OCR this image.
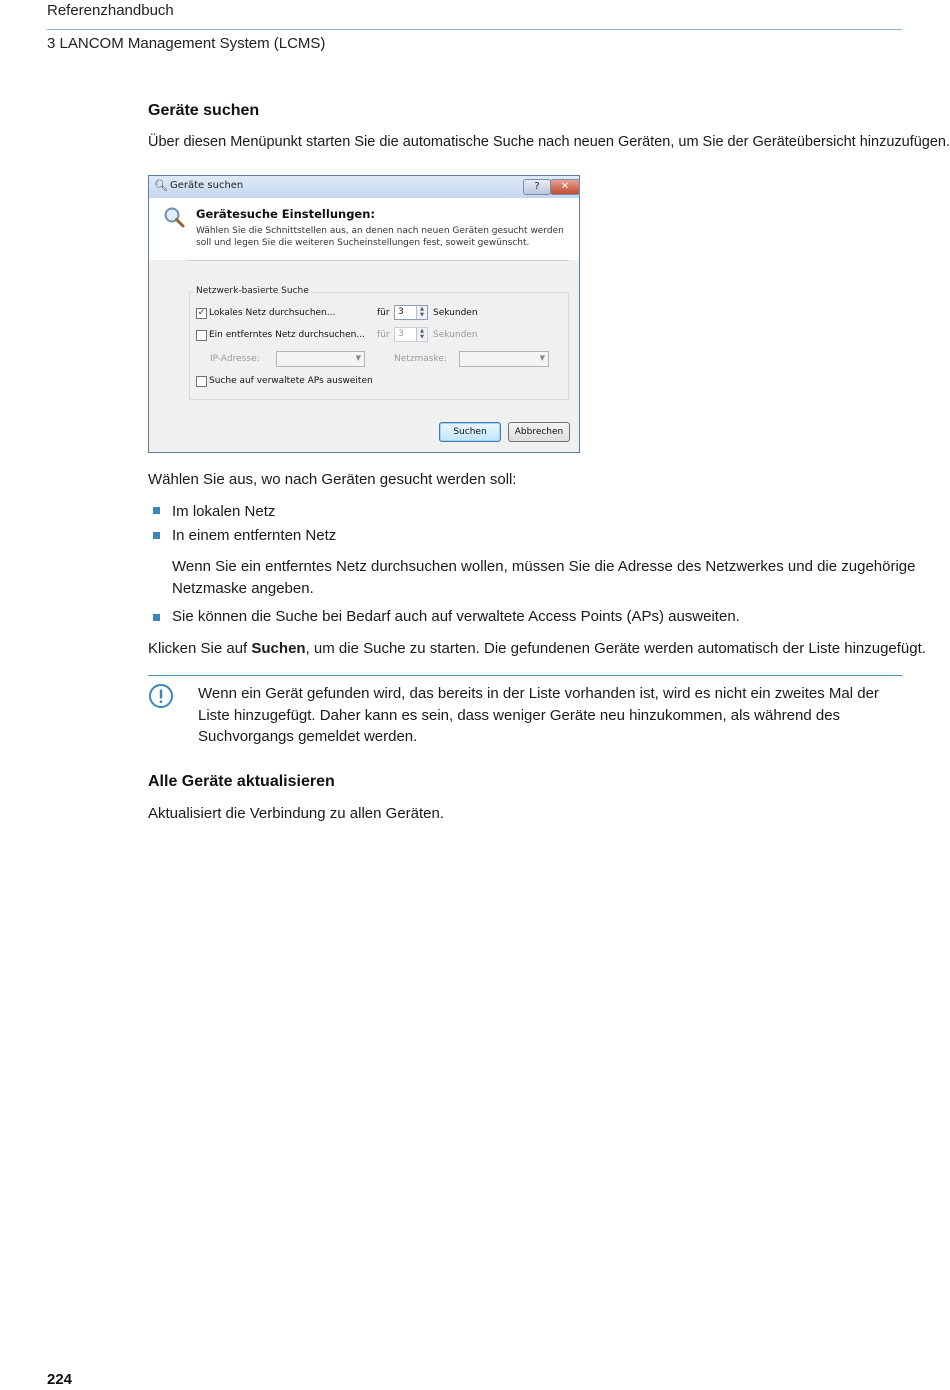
Referenzhandbuch
3 LANCOM Management System (LCMS)
Geräte suchen
Über diesen Menüpunkt starten Sie die automatische Suche nach neuen Geräten, um Sie der Geräteübersicht hinzuzufügen.
🔍︎ Geräte suchen	?	✕
Gerätesuche Einstellungen:
Wählen Sie die Schnittstellen aus, an denen nach neuen Geräten gesucht werden soll und legen Sie die weiteren Sucheinstellungen fest, soweit gewünscht.
Netzwerk-basierte Suche
✓ Lokales Netz durchsuchen...	für 3	▲
▼	Sekunden
Ein entferntes Netz durchsuchen... für 3	▲
▼	Sekunden
IP-Adresse:	▼	Netzmaske:	▼
Suche auf verwaltete APs ausweiten
Suchen	Abbrechen
Wählen Sie aus, wo nach Geräten gesucht werden soll:
Im lokalen Netz
In einem entfernten Netz
Wenn Sie ein entferntes Netz durchsuchen wollen, müssen Sie die Adresse des Netzwerkes und die zugehörige
Netzmaske angeben.
Sie können die Suche bei Bedarf auch auf verwaltete Access Points (APs) ausweiten.
Klicken Sie auf Suchen, um die Suche zu starten. Die gefundenen Geräte werden automatisch der Liste hinzugefügt.
Wenn ein Gerät gefunden wird, das bereits in der Liste vorhanden ist, wird es nicht ein zweites Mal der Liste hinzugefügt. Daher kann es sein, dass weniger Geräte neu hinzukommen, als während des Suchvorgangs gemeldet werden.
Alle Geräte aktualisieren
Aktualisiert die Verbindung zu allen Geräten.
224
